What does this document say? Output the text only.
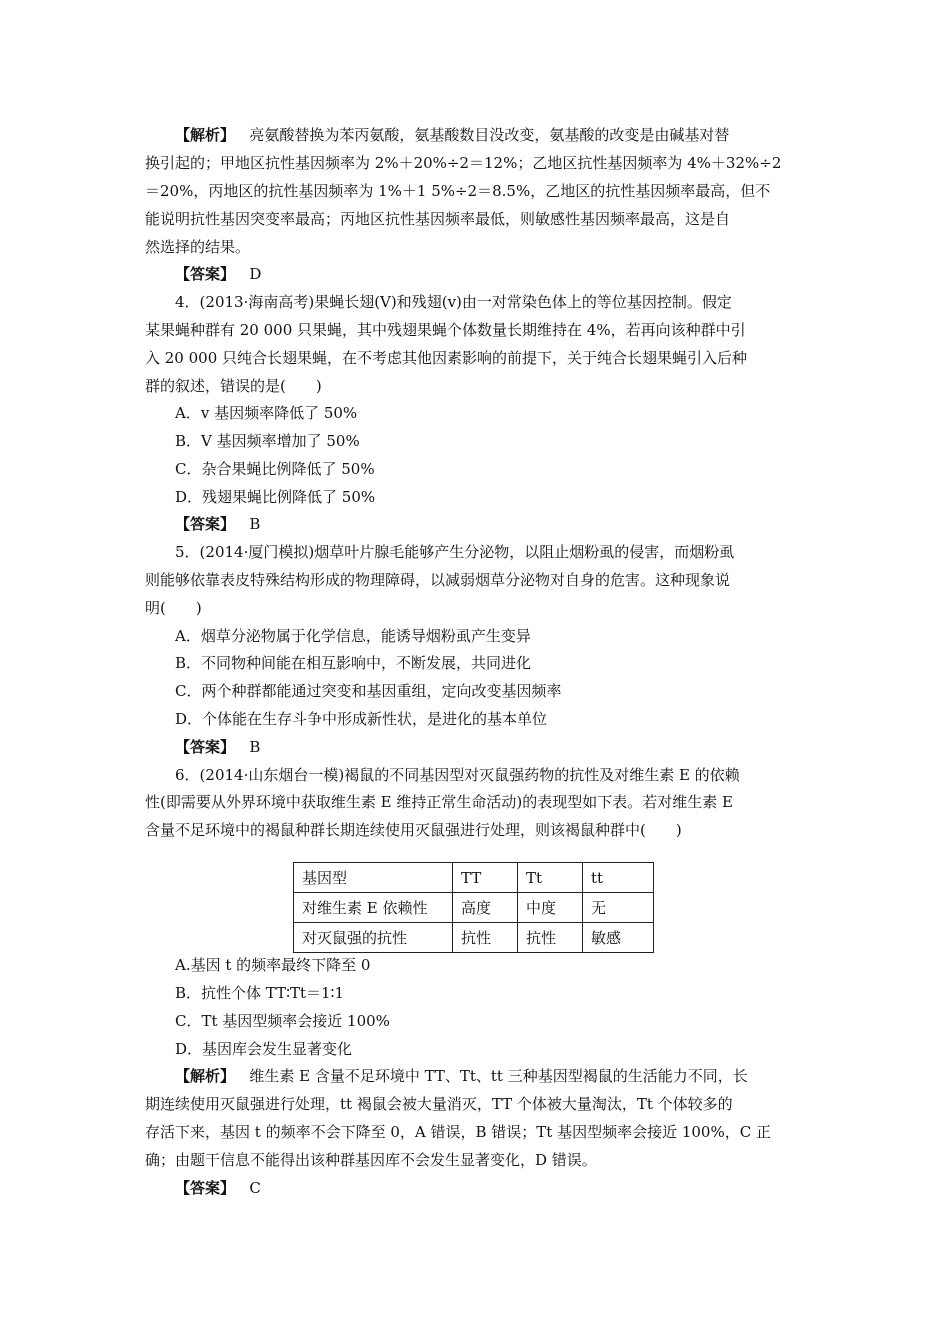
【解析】 亮氨酸替换为苯丙氨酸，氨基酸数目没改变，氨基酸的改变是由碱基对替
换引起的；甲地区抗性基因频率为 2%＋20%÷2＝12%；乙地区抗性基因频率为 4%＋32%÷2
＝20%，丙地区的抗性基因频率为 1%＋1 5%÷2＝8.5%，乙地区的抗性基因频率最高，但不
能说明抗性基因突变率最高；丙地区抗性基因频率最低，则敏感性基因频率最高，这是自
然选择的结果。
【答案】 D
4．(2013·海南高考)果蝇长翅(V)和残翅(v)由一对常染色体上的等位基因控制。假定
某果蝇种群有 20 000 只果蝇，其中残翅果蝇个体数量长期维持在 4%，若再向该种群中引
入 20 000 只纯合长翅果蝇，在不考虑其他因素影响的前提下，关于纯合长翅果蝇引入后种
群的叙述，错误的是(　　)
A．v 基因频率降低了 50%
B．V 基因频率增加了 50%
C．杂合果蝇比例降低了 50%
D．残翅果蝇比例降低了 50%
【答案】 B
5．(2014·厦门模拟)烟草叶片腺毛能够产生分泌物，以阻止烟粉虱的侵害，而烟粉虱
则能够依靠表皮特殊结构形成的物理障碍，以减弱烟草分泌物对自身的危害。这种现象说
明(　　)
A．烟草分泌物属于化学信息，能诱导烟粉虱产生变异
B．不同物种间能在相互影响中，不断发展，共同进化
C．两个种群都能通过突变和基因重组，定向改变基因频率
D．个体能在生存斗争中形成新性状，是进化的基本单位
【答案】 B
6．(2014·山东烟台一模)褐鼠的不同基因型对灭鼠强药物的抗性及对维生素 E 的依赖
性(即需要从外界环境中获取维生素 E 维持正常生命活动)的表现型如下表。若对维生素 E
含量不足环境中的褐鼠种群长期连续使用灭鼠强进行处理，则该褐鼠种群中(　　)
基因型	TT	Tt	tt
对维生素 E 依赖性	高度	中度	无
对灭鼠强的抗性	抗性	抗性	敏感
A.基因 t 的频率最终下降至 0
B．抗性个体 TT∶Tt＝1∶1
C．Tt 基因型频率会接近 100%
D．基因库会发生显著变化
【解析】 维生素 E 含量不足环境中 TT、Tt、tt 三种基因型褐鼠的生活能力不同，长
期连续使用灭鼠强进行处理，tt 褐鼠会被大量消灭，TT 个体被大量淘汰，Tt 个体较多的
存活下来，基因 t 的频率不会下降至 0，A 错误，B 错误；Tt 基因型频率会接近 100%，C 正
确；由题干信息不能得出该种群基因库不会发生显著变化，D 错误。
【答案】 C
